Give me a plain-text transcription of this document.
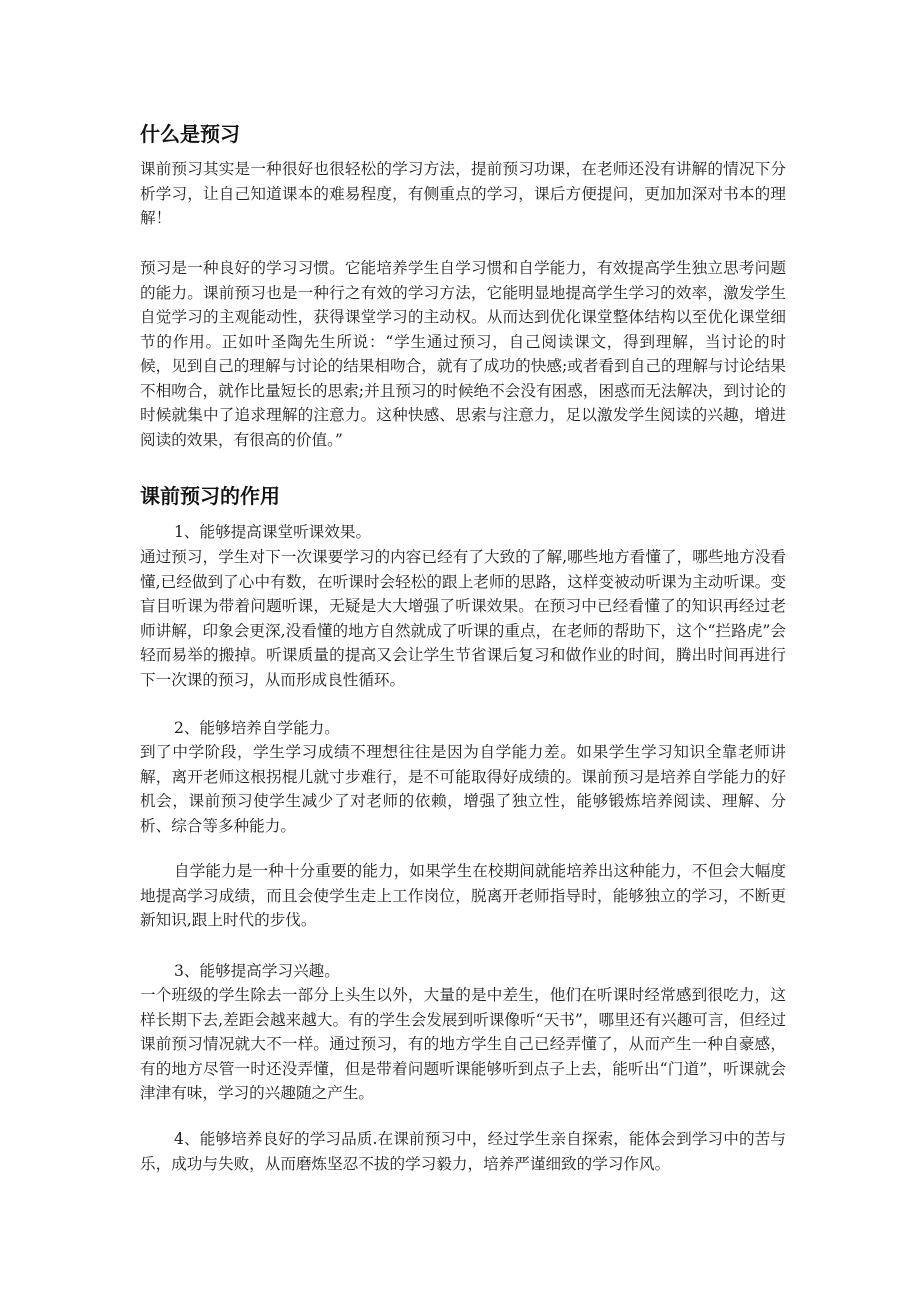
什么是预习

课前预习其实是一种很好也很轻松的学习方法，提前预习功课，在老师还没有讲解的情况下分析学习，让自己知道课本的难易程度，有侧重点的学习，课后方便提问，更加加深对书本的理解！

预习是一种良好的学习习惯。它能培养学生自学习惯和自学能力，有效提高学生独立思考问题的能力。课前预习也是一种行之有效的学习方法，它能明显地提高学生学习的效率，激发学生自觉学习的主观能动性，获得课堂学习的主动权。从而达到优化课堂整体结构以至优化课堂细节的作用。正如叶圣陶先生所说：“学生通过预习，自己阅读课文，得到理解，当讨论的时候，见到自己的理解与讨论的结果相吻合，就有了成功的快感;或者看到自己的理解与讨论结果不相吻合，就作比量短长的思索;并且预习的时候绝不会没有困惑，困惑而无法解决，到讨论的时候就集中了追求理解的注意力。这种快感、思索与注意力，足以激发学生阅读的兴趣，增进阅读的效果，有很高的价值。”

课前预习的作用

1、能够提高课堂听课效果。

通过预习，学生对下一次课要学习的内容已经有了大致的了解,哪些地方看懂了，哪些地方没看懂,已经做到了心中有数，在听课时会轻松的跟上老师的思路，这样变被动听课为主动听课。变盲目听课为带着问题听课，无疑是大大增强了听课效果。在预习中已经看懂了的知识再经过老师讲解，印象会更深,没看懂的地方自然就成了听课的重点，在老师的帮助下，这个“拦路虎”会轻而易举的搬掉。听课质量的提高又会让学生节省课后复习和做作业的时间，腾出时间再进行下一次课的预习，从而形成良性循环。

2、能够培养自学能力。

到了中学阶段，学生学习成绩不理想往往是因为自学能力差。如果学生学习知识全靠老师讲解，离开老师这根拐棍儿就寸步难行，是不可能取得好成绩的。课前预习是培养自学能力的好机会，课前预习使学生减少了对老师的依赖，增强了独立性，能够锻炼培养阅读、理解、分析、综合等多种能力。

自学能力是一种十分重要的能力，如果学生在校期间就能培养出这种能力，不但会大幅度地提高学习成绩，而且会使学生走上工作岗位，脱离开老师指导时，能够独立的学习，不断更新知识,跟上时代的步伐。

3、能够提高学习兴趣。

一个班级的学生除去一部分上头生以外，大量的是中差生，他们在听课时经常感到很吃力，这样长期下去,差距会越来越大。有的学生会发展到听课像听“天书”，哪里还有兴趣可言，但经过课前预习情况就大不一样。通过预习，有的地方学生自己已经弄懂了，从而产生一种自豪感，有的地方尽管一时还没弄懂，但是带着问题听课能够听到点子上去，能听出“门道”，听课就会津津有味，学习的兴趣随之产生。

4、能够培养良好的学习品质.在课前预习中，经过学生亲自探索，能体会到学习中的苦与乐，成功与失败，从而磨炼坚忍不拔的学习毅力，培养严谨细致的学习作风。
